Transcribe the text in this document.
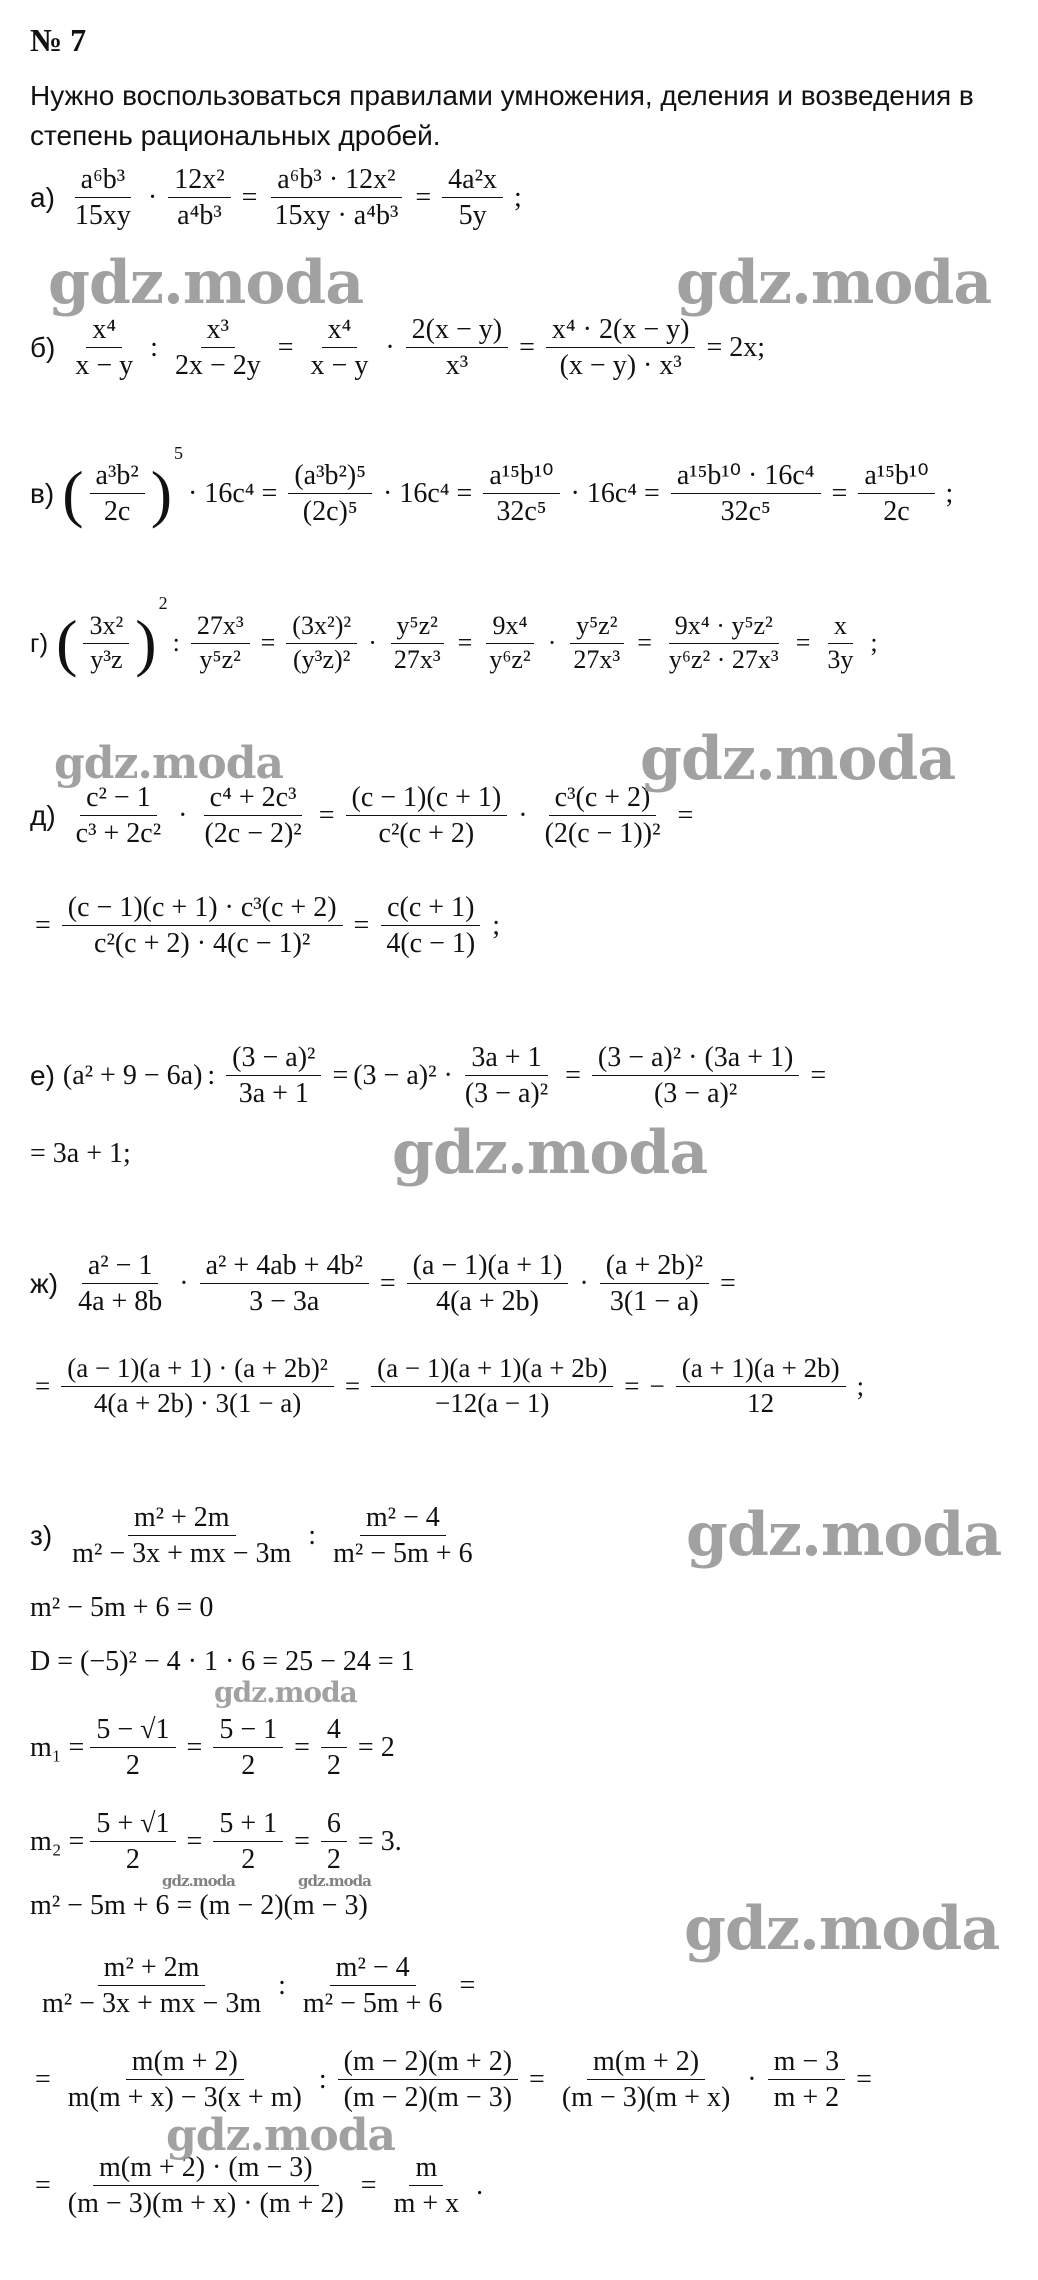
№ 7
Нужно воспользоваться правилами умножения, деления и возведения в степень рациональных дробей.
$а) \frac{\text{a⁶b³}}{15xy} \cdot \frac{\text{12x²}}{\text{a⁴b³}} = \frac{\text{a⁶b³ · 12x²}}{\text{15xy · a⁴b³}} = \frac{\text{4a²x}}{5y}$ ;
$б) \frac{\text{x⁴}}{x - y}$ : $\frac{\text{x³}}{2x - 2y} = \frac{\text{x⁴}}{x - y} \cdot \frac{2(x - y)}{\text{x³}} = \frac{\text{x⁴ · 2(x − y)}}{\text{(x − y) · x³}} = 2x$;
в) ( $\frac{\text{a³b²}}{2c}$ )
5
· $16c^4 = \frac{\text{(a³b²)⁵}}{\text{(2c)⁵}} \cdot 16c^4 = \frac{\text{a¹⁵b¹⁰}}{\text{32c⁵}} \cdot 16c^4 = \frac{\text{a¹⁵b¹⁰ · 16c⁴}}{\text{32c⁵}} = \frac{\text{a¹⁵b¹⁰}}{2c}$ ;
г) ( $\frac{\text{3x²}}{\text{y³z}}$ )
2
: $\frac{\text{27x³}}{\text{y⁵z²}} = \frac{\text{(3x²)²}}{\text{(y³z)²}} \cdot \frac{\text{y⁵z²}}{\text{27x³}} = \frac{\text{9x⁴}}{\text{y⁶z²}} \cdot \frac{\text{y⁵z²}}{\text{27x³}} = \frac{\text{9x⁴ · y⁵z²}}{\text{y⁶z² · 27x³}} = \frac{x}{3y}$ ;
$д) \frac{\text{c² − 1}}{\text{c³ + 2c²}} \cdot \frac{\text{c⁴ + 2c³}}{\text{(2c − 2)²}} = \frac{(c - 1)(c + 1)}{\text{c²(c + 2)}} \cdot \frac{\text{c³(c + 2)}}{\text{(2(c − 1))²}}$ =
= $\frac{\text{(c − 1)(c + 1) · c³(c + 2)}}{\text{c²(c + 2) · 4(c − 1)²}} = \frac{c(c + 1)}{4(c - 1)}$ ;
е) (a² + 9 − 6a) : $\frac{\text{(3 − a)²}}{3a + 1} = (3 - a)^2 \cdot \frac{3a + 1}{\text{(3 − a)²}} = \frac{\text{(3 − a)² · (3a + 1)}}{\text{(3 − a)²}}$ =
= 3a + 1;
$ж) \frac{\text{a² − 1}}{4a + 8b} \cdot \frac{\text{a² + 4ab + 4b²}}{3 - 3a} = \frac{(a - 1)(a + 1)}{4(a + 2b)} \cdot \frac{\text{(a + 2b)²}}{3(1 - a)}$ =
= $\frac{\text{(a − 1)(a + 1) · (a + 2b)²}}{4(a + 2b) \cdot 3(1 - a)} = \frac{(a - 1)(a + 1)(a + 2b)}{-12(a - 1)}$ = − $\frac{(a + 1)(a + 2b)}{12}$ ;
$з) \frac{\text{m² + 2m}}{\text{m² − 3x + mx − 3m}}$ : $\frac{\text{m² − 4}}{\text{m² − 5m + 6}}$
m² − 5m + 6 = 0
D = (−5)² − 4 · 1 · 6 = 25 − 24 = 1
$m_1 = \frac{5 - √1}{2} = \frac{5 - 1}{2} = \frac{4}{2} = 2$
$m_2 = \frac{5 + √1}{2} = \frac{5 + 1}{2} = \frac{6}{2} = 3$.
m² − 5m + 6 = (m − 2)(m − 3)
$\frac{\text{m² + 2m}}{\text{m² − 3x + mx − 3m}}$ : $\frac{\text{m² − 4}}{\text{m² − 5m + 6}}$ =
= $\frac{m(m + 2)}{m(m + x) - 3(x + m)}$ : $\frac{(m - 2)(m + 2)}{(m - 2)(m - 3)} = \frac{m(m + 2)}{(m - 3)(m + x)} \cdot \frac{m - 3}{m + 2}$ =
= $\frac{m(m + 2) \cdot (m - 3)}{(m - 3)(m + x) \cdot (m + 2)} = \frac{m}{m + x}$ .
gdz.moda	gdz.moda
gdz.moda	gdz.moda
gdz.moda
gdz.moda
gdz.moda
gdz.moda	gdz.moda
gdz.moda
gdz.moda
